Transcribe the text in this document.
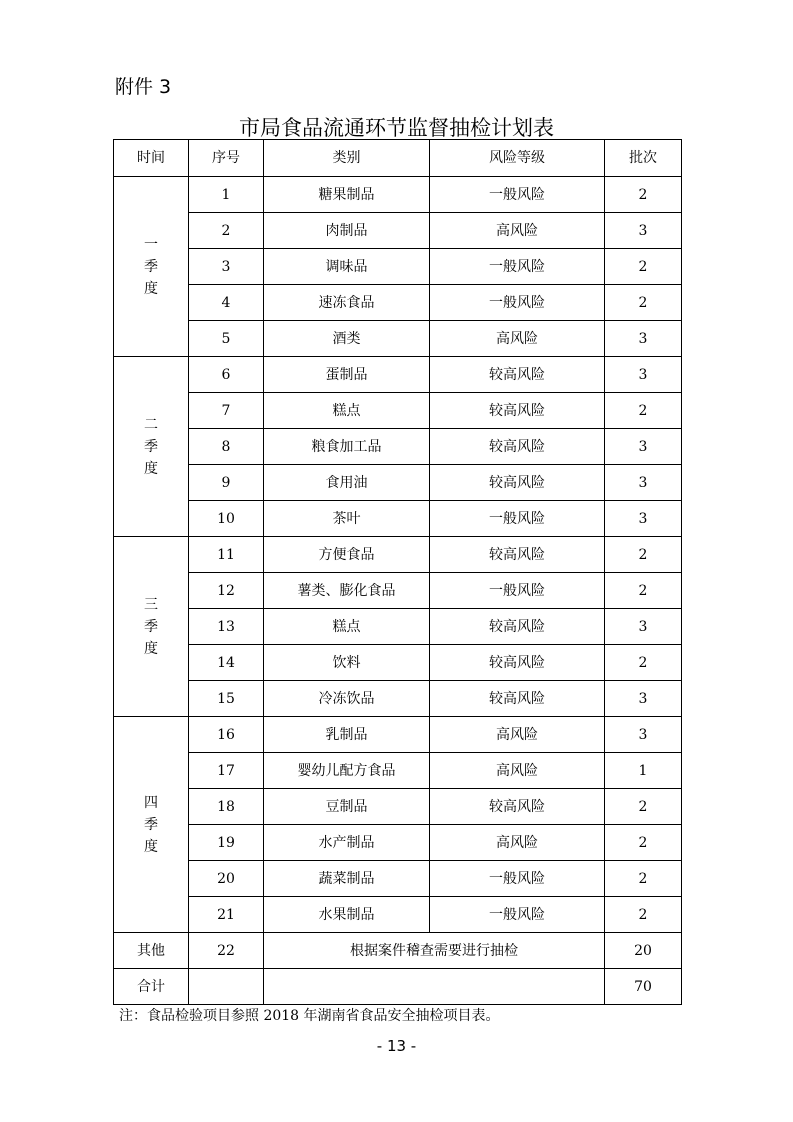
附件 3
市局食品流通环节监督抽检计划表
时间	序号	类别	风险等级	批次
一季度	1	糖果制品	一般风险	2
	2	肉制品	高风险	3
	3	调味品	一般风险	2
	4	速冻食品	一般风险	2
	5	酒类	高风险	3
二季度	6	蛋制品	较高风险	3
	7	糕点	较高风险	2
	8	粮食加工品	较高风险	3
	9	食用油	较高风险	3
	10	茶叶	一般风险	3
三季度	11	方便食品	较高风险	2
	12	薯类、膨化食品	一般风险	2
	13	糕点	较高风险	3
	14	饮料	较高风险	2
	15	冷冻饮品	较高风险	3
四季度	16	乳制品	高风险	3
	17	婴幼儿配方食品	高风险	1
	18	豆制品	较高风险	2
	19	水产制品	高风险	2
	20	蔬菜制品	一般风险	2
	21	水果制品	一般风险	2
其他	22	根据案件稽查需要进行抽检		20
合计				70
注：食品检验项目参照 2018 年湖南省食品安全抽检项目表。
- 13 -
